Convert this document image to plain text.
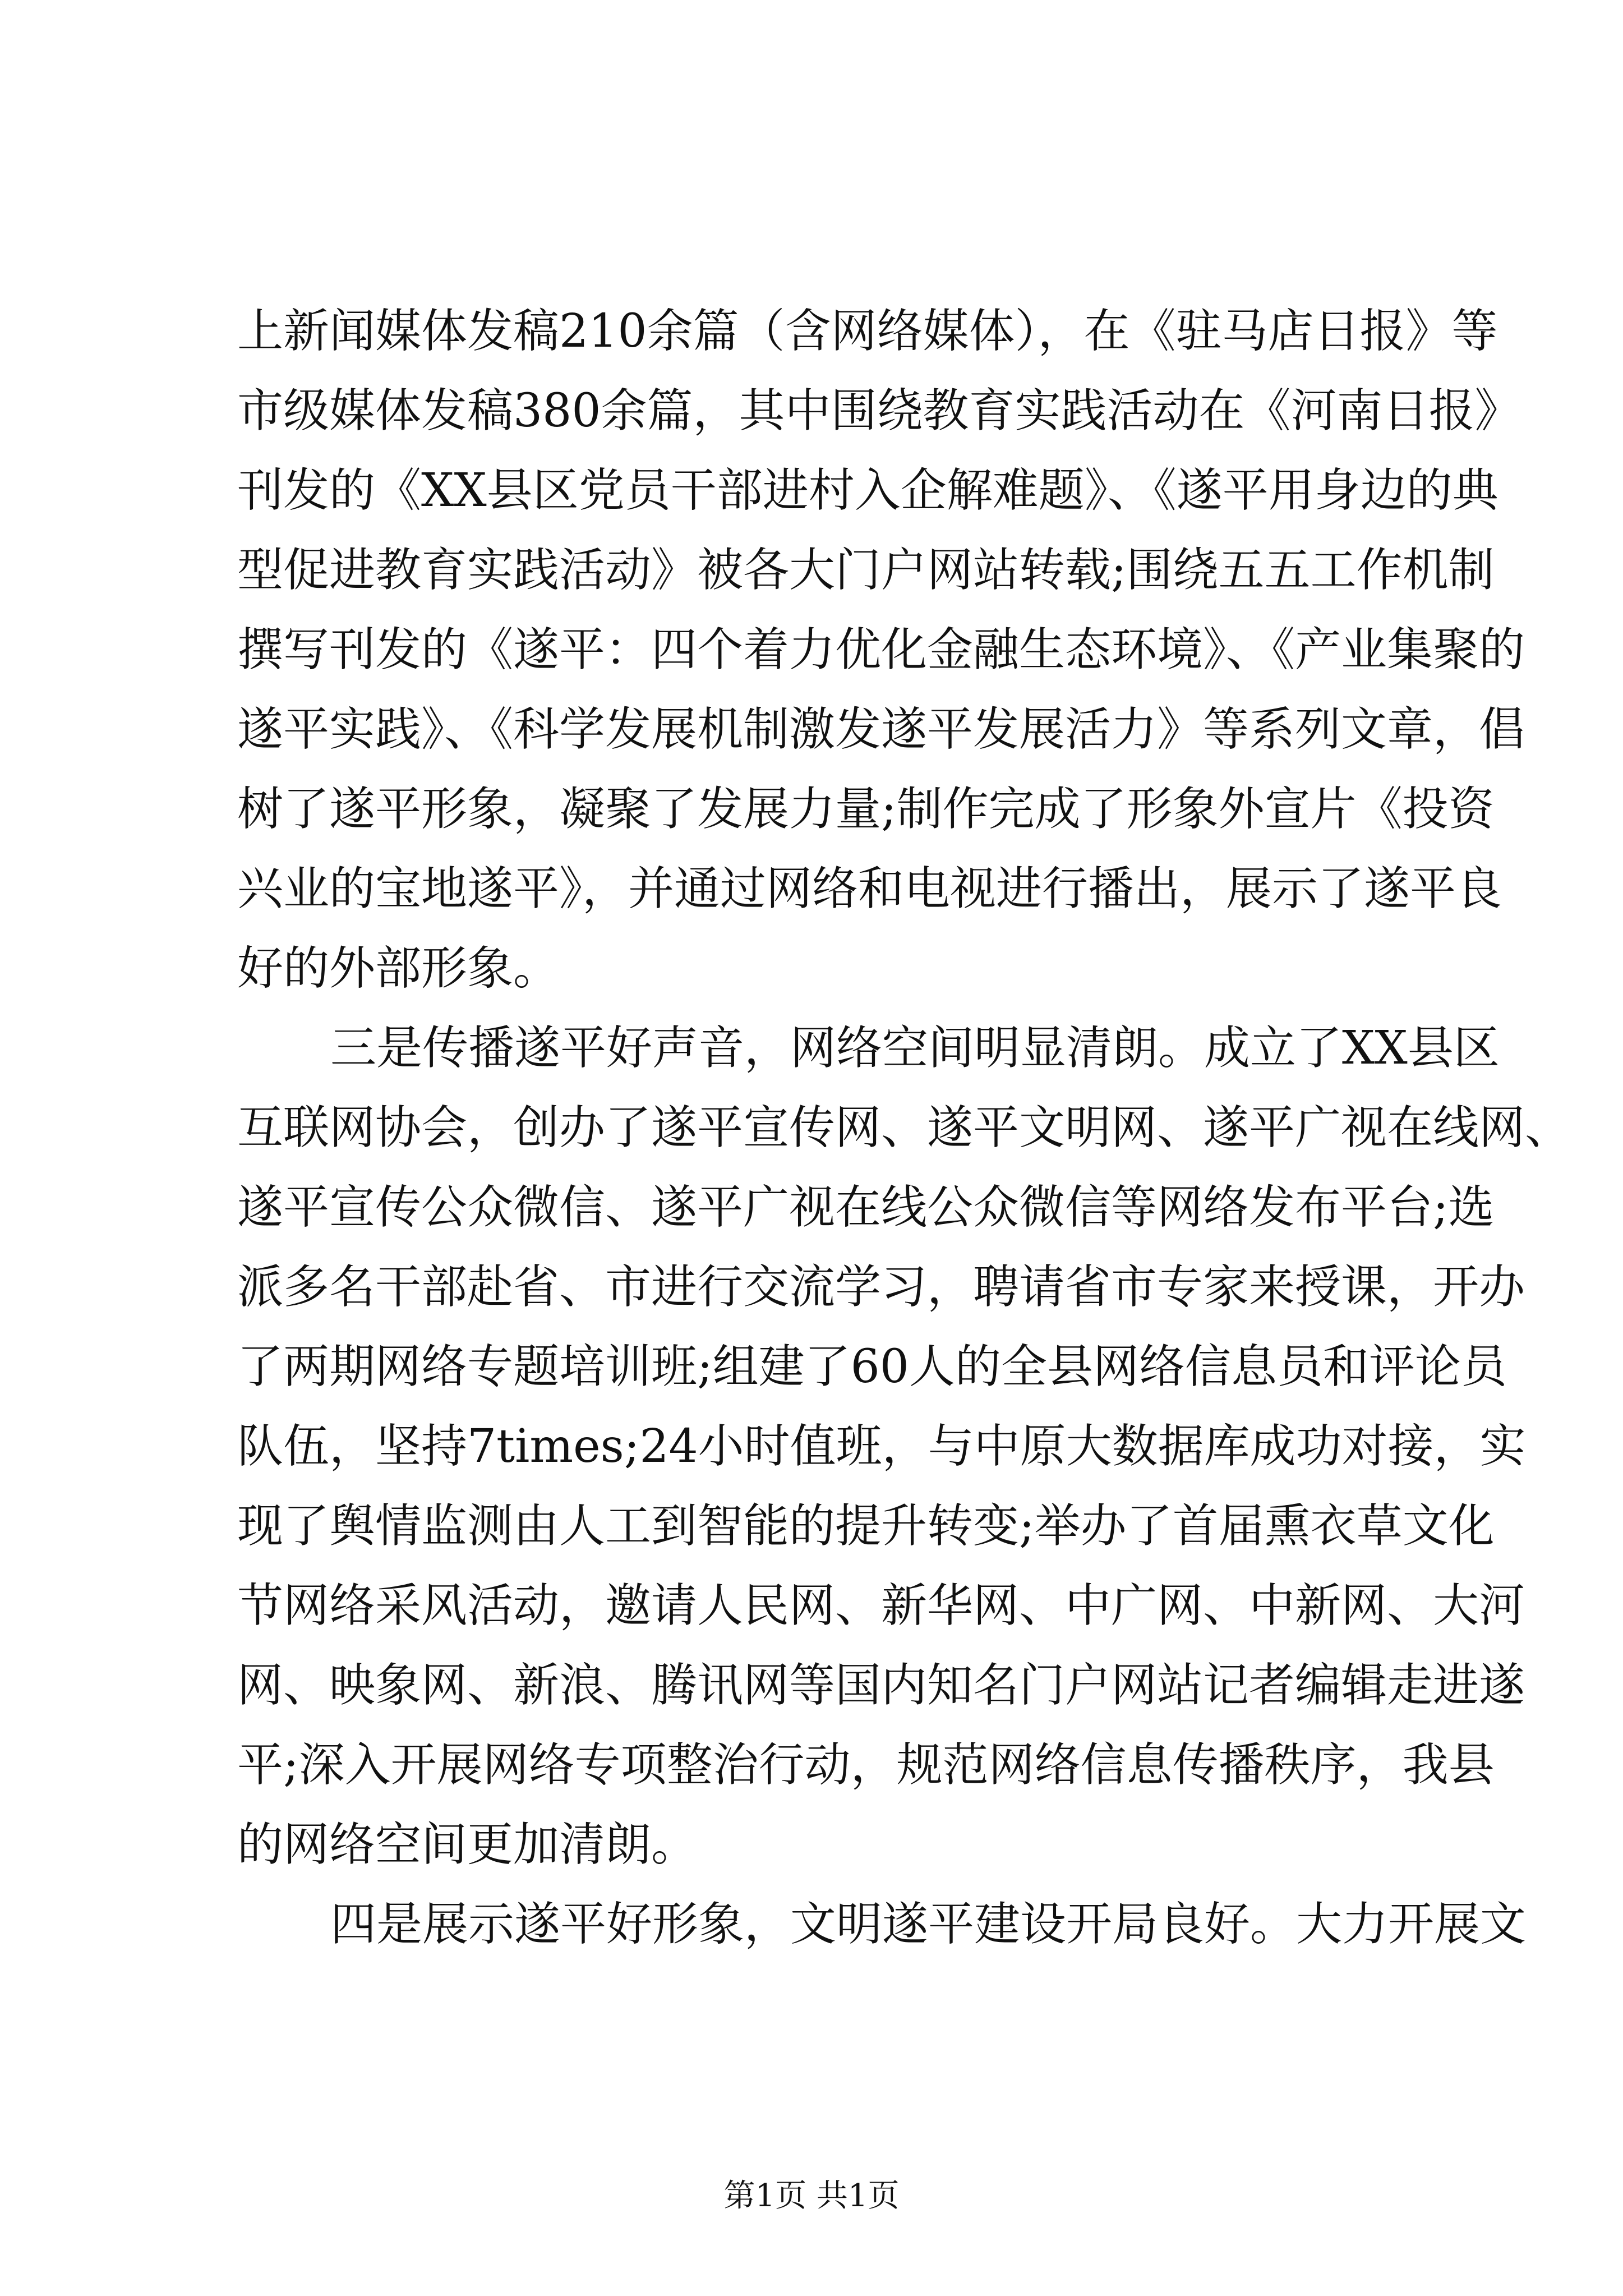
上新闻媒体发稿210余篇（含网络媒体），在《驻马店日报》等
市级媒体发稿380余篇，其中围绕教育实践活动在《河南日报》
刊发的《XX县区党员干部进村入企解难题》、《遂平用身边的典
型促进教育实践活动》被各大门户网站转载;围绕五五工作机制
撰写刊发的《遂平：四个着力优化金融生态环境》、《产业集聚的
遂平实践》、《科学发展机制激发遂平发展活力》等系列文章，倡
树了遂平形象，凝聚了发展力量;制作完成了形象外宣片《投资
兴业的宝地遂平》，并通过网络和电视进行播出，展示了遂平良
好的外部形象。
三是传播遂平好声音，网络空间明显清朗。成立了XX县区
互联网协会，创办了遂平宣传网、遂平文明网、遂平广视在线网、
遂平宣传公众微信、遂平广视在线公众微信等网络发布平台;选
派多名干部赴省、市进行交流学习，聘请省市专家来授课，开办
了两期网络专题培训班;组建了60人的全县网络信息员和评论员
队伍，坚持7times;24小时值班，与中原大数据库成功对接，实
现了舆情监测由人工到智能的提升转变;举办了首届熏衣草文化
节网络采风活动，邀请人民网、新华网、中广网、中新网、大河
网、映象网、新浪、腾讯网等国内知名门户网站记者编辑走进遂
平;深入开展网络专项整治行动，规范网络信息传播秩序，我县
的网络空间更加清朗。
四是展示遂平好形象，文明遂平建设开局良好。大力开展文
第1页 共1页
